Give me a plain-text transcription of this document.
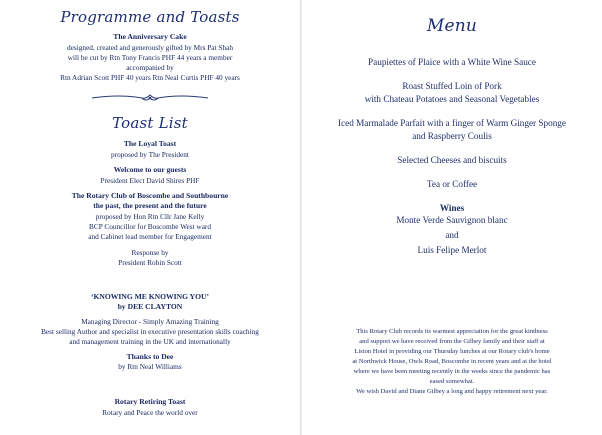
Programme and Toasts
The Anniversary Cake
designed, created and generously gifted by Mrs Pat Shah
will be cut by Rtn Tony Francis PHF 44 years a member
accompanied by
Rtn Adrian Scott PHF 40 years Rtn Neal Curtis PHF 40 years
Toast List
The Loyal Toast
proposed by The President
Welcome to our guests
President Elect David Shires PHF
The Rotary Club of Boscombe and Southbourne
the past, the present and the future
proposed by Hon Rtn Cllr Jane Kelly
BCP Councillor for Boscombe West ward
and Cabinet lead member for Engagement
Response by
President Robin Scott
‘KNOWING ME KNOWING YOU’
by DEE CLAYTON
Managing Director - Simply Amazing Training
Best selling Author and specialist in executive presentation skills coaching
and management training in the UK and internationally
Thanks to Dee
by Rtn Neal Williams
Rotary Retiring Toast
Rotary and Peace the world over
Menu
Paupiettes of Plaice with a White Wine Sauce
Roast Stuffed Loin of Pork
with Chateau Potatoes and Seasonal Vegetables
Iced Marmalade Parfait with a finger of Warm Ginger Sponge
and Raspberry Coulis
Selected Cheeses and biscuits
Tea or Coffee
Wines
Monte Verde Sauvignon blanc
and
Luis Felipe Merlot
This Rotary Club records its warmest appreciation for the great kindness
and support we have received from the Gilbey family and their staff at
Liston Hotel in providing our Thursday lunches at our Rotary club's home
at Northwick House, Owls Road, Boscombe in recent years and at the hotel
where we have been meeting recently in the weeks since the pandemic has
eased somewhat.
We wish David and Diane Gilbey a long and happy retirement next year.
